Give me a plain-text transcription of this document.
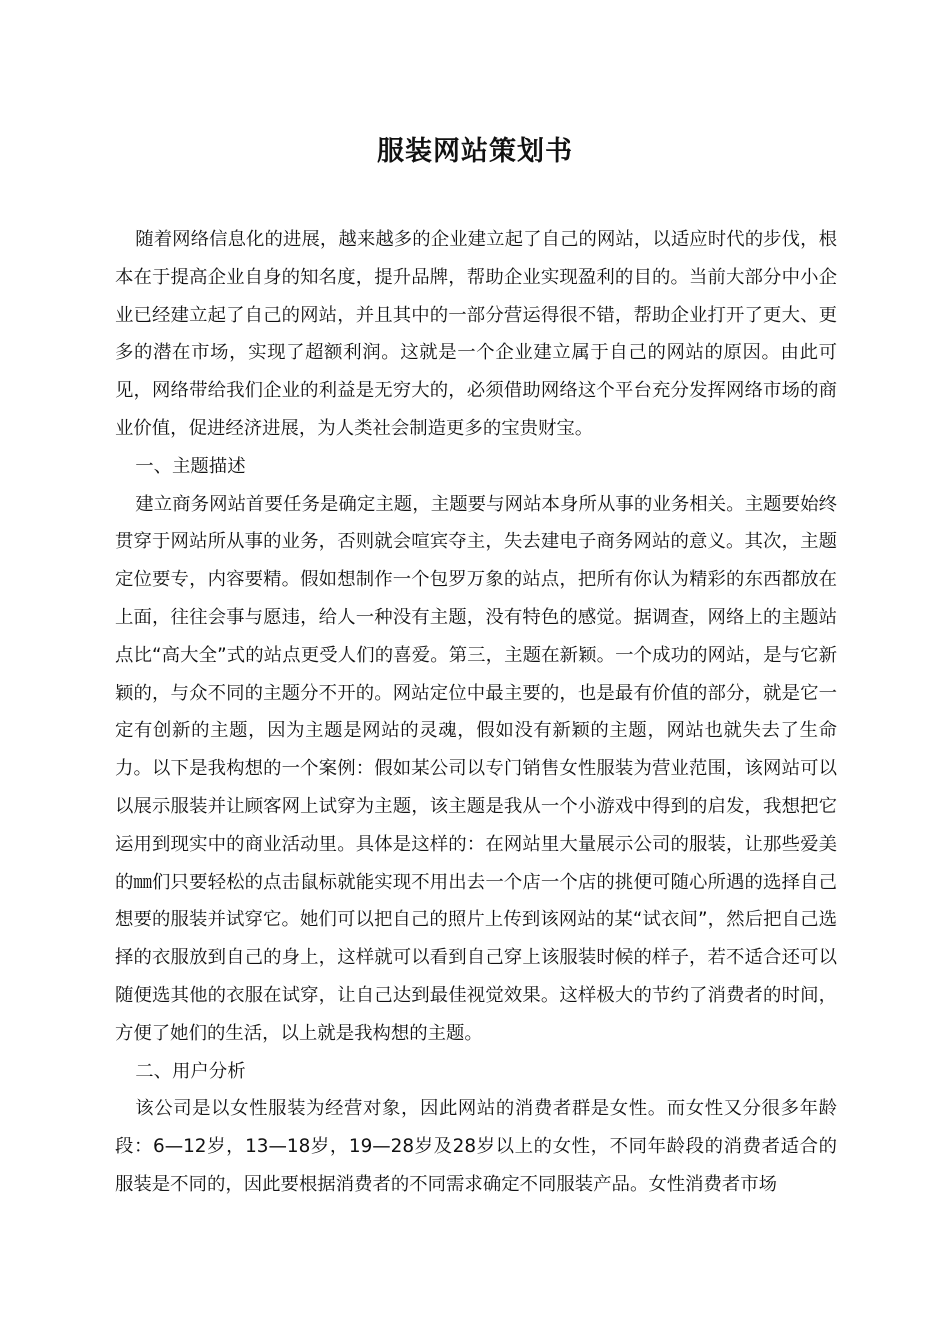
服装网站策划书

随着网络信息化的进展，越来越多的企业建立起了自己的网站，以适应时代的步伐，根本在于提高企业自身的知名度，提升品牌，帮助企业实现盈利的目的。当前大部分中小企业已经建立起了自己的网站，并且其中的一部分营运得很不错，帮助企业打开了更大、更多的潜在市场，实现了超额利润。这就是一个企业建立属于自己的网站的原因。由此可见，网络带给我们企业的利益是无穷大的，必须借助网络这个平台充分发挥网络市场的商业价值，促进经济进展，为人类社会制造更多的宝贵财宝。

一、主题描述

建立商务网站首要任务是确定主题，主题要与网站本身所从事的业务相关。主题要始终贯穿于网站所从事的业务，否则就会喧宾夺主，失去建电子商务网站的意义。其次，主题定位要专，内容要精。假如想制作一个包罗万象的站点，把所有你认为精彩的东西都放在上面，往往会事与愿违，给人一种没有主题，没有特色的感觉。据调查，网络上的主题站点比“高大全”式的站点更受人们的喜爱。第三，主题在新颖。一个成功的网站，是与它新颖的，与众不同的主题分不开的。网站定位中最主要的，也是最有价值的部分，就是它一定有创新的主题，因为主题是网站的灵魂，假如没有新颖的主题，网站也就失去了生命力。以下是我构想的一个案例：假如某公司以专门销售女性服装为营业范围，该网站可以以展示服装并让顾客网上试穿为主题，该主题是我从一个小游戏中得到的启发，我想把它运用到现实中的商业活动里。具体是这样的：在网站里大量展示公司的服装，让那些爱美的㎜们只要轻松的点击鼠标就能实现不用出去一个店一个店的挑便可随心所遇的选择自己想要的服装并试穿它。她们可以把自己的照片上传到该网站的某“试衣间”，然后把自己选择的衣服放到自己的身上，这样就可以看到自己穿上该服装时候的样子，若不适合还可以随便选其他的衣服在试穿，让自己达到最佳视觉效果。这样极大的节约了消费者的时间，方便了她们的生活，以上就是我构想的主题。

二、用户分析

该公司是以女性服装为经营对象，因此网站的消费者群是女性。而女性又分很多年龄段：6—12岁，13—18岁，19—28岁及28岁以上的女性，不同年龄段的消费者适合的服装是不同的，因此要根据消费者的不同需求确定不同服装产品。女性消费者市场
